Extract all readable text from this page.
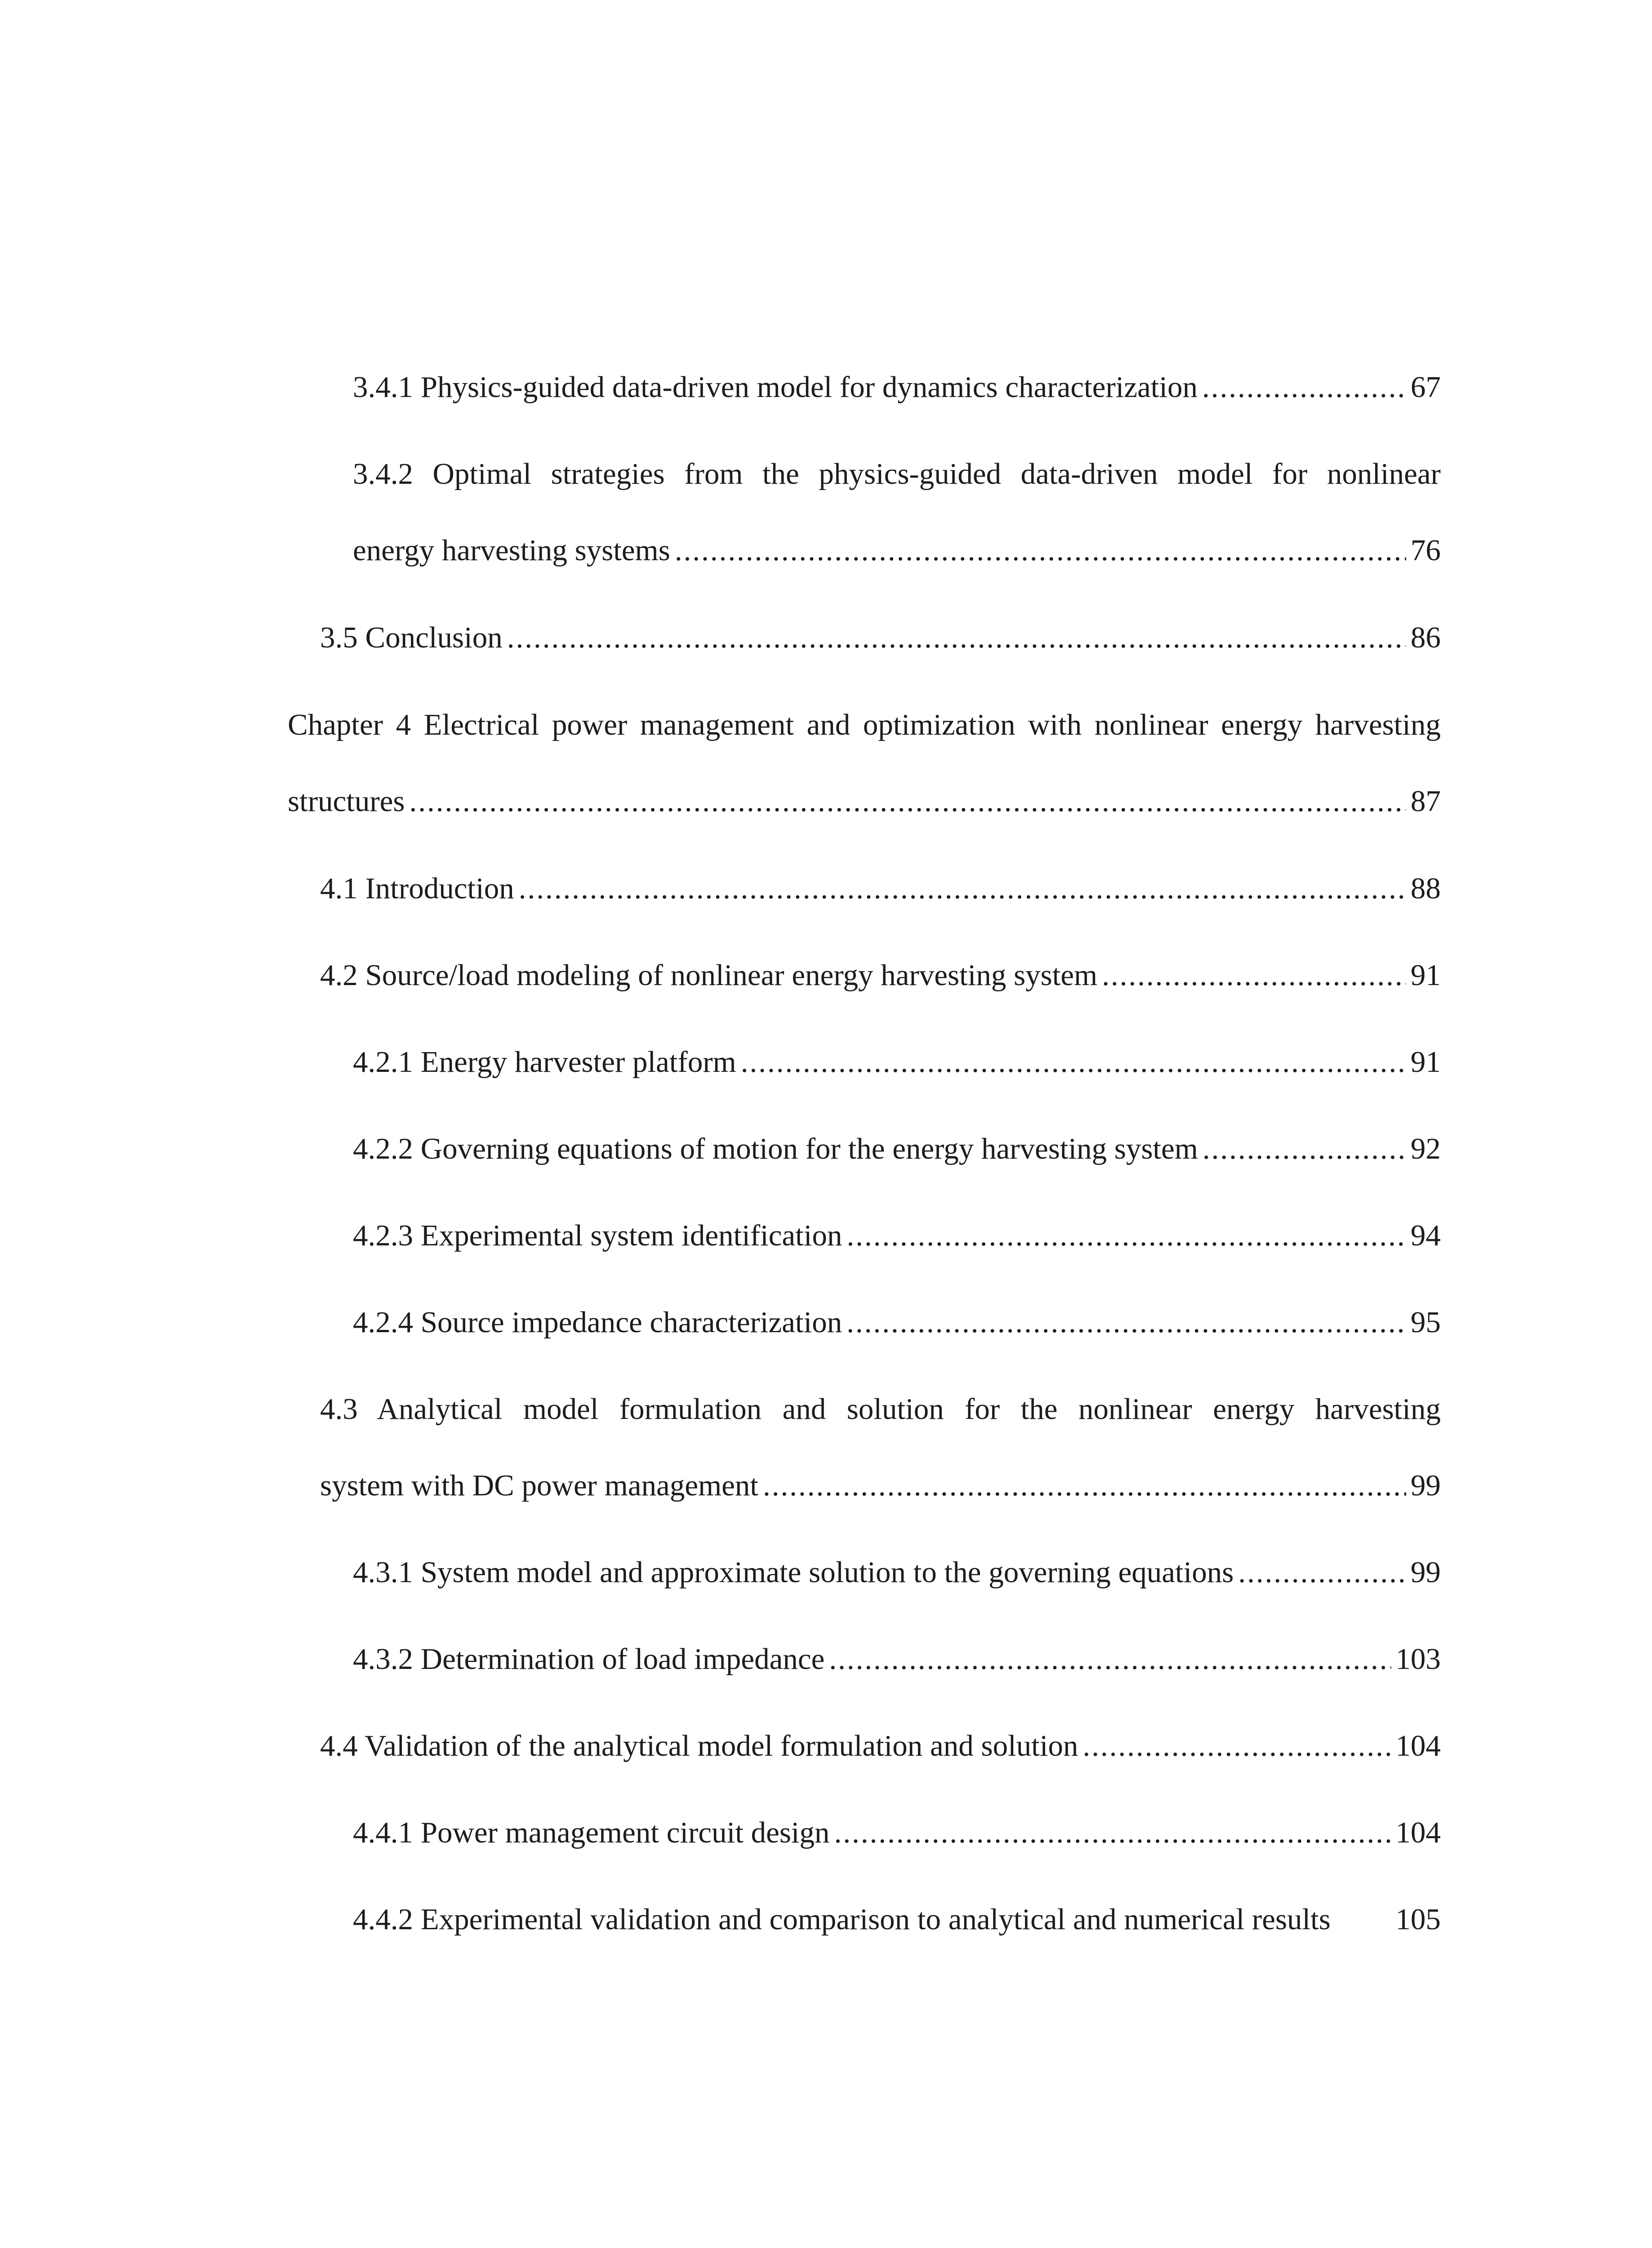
3.4.1 Physics-guided data-driven model for dynamics characterization .....	67
3.4.2 Optimal strategies from the physics-guided data-driven model for nonlinear
energy harvesting systems .....	76
3.5 Conclusion .....	86
Chapter 4 Electrical power management and optimization with nonlinear energy harvesting
structures .....	87
4.1 Introduction .....	88
4.2 Source/load modeling of nonlinear energy harvesting system .....	91
4.2.1 Energy harvester platform .....	91
4.2.2 Governing equations of motion for the energy harvesting system .....	92
4.2.3 Experimental system identification .....	94
4.2.4 Source impedance characterization .....	95
4.3 Analytical model formulation and solution for the nonlinear energy harvesting
system with DC power management .....	99
4.3.1 System model and approximate solution to the governing equations .....	99
4.3.2 Determination of load impedance .....	103
4.4 Validation of the analytical model formulation and solution .....	104
4.4.1 Power management circuit design .....	104
4.4.2 Experimental validation and comparison to analytical and numerical results 105
